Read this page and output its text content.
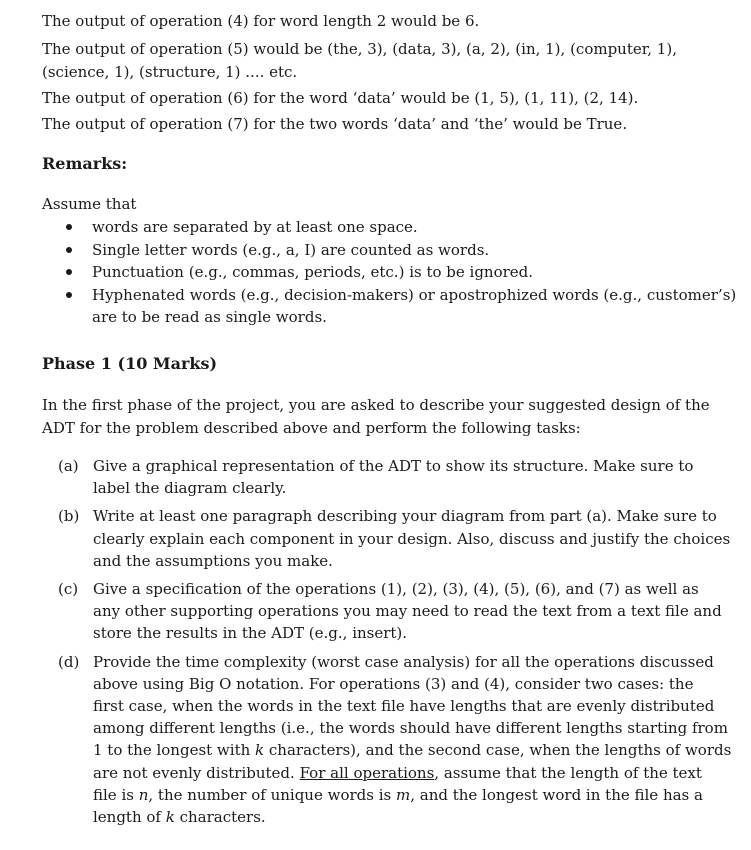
The output of operation (4) for word length 2 would be 6.
The output of operation (5) would be (the, 3), (data, 3), (a, 2), (in, 1), (computer, 1),
(science, 1), (structure, 1) .... etc.
The output of operation (6) for the word ‘data’ would be (1, 5), (1, 11), (2, 14).
The output of operation (7) for the two words ‘data’ and ‘the’ would be True.
Remarks:
Assume that
words are separated by at least one space.
Single letter words (e.g., a, I) are counted as words.
Punctuation (e.g., commas, periods, etc.) is to be ignored.
Hyphenated words (e.g., decision-makers) or apostrophized words (e.g., customer’s)
are to be read as single words.
Phase 1 (10 Marks)
In the first phase of the project, you are asked to describe your suggested design of the
ADT for the problem described above and perform the following tasks:
(a) Give a graphical representation of the ADT to show its structure. Make sure to
label the diagram clearly.
(b) Write at least one paragraph describing your diagram from part (a). Make sure to
clearly explain each component in your design. Also, discuss and justify the choices
and the assumptions you make.
(c) Give a specification of the operations (1), (2), (3), (4), (5), (6), and (7) as well as
any other supporting operations you may need to read the text from a text file and
store the results in the ADT (e.g., insert).
(d) Provide the time complexity (worst case analysis) for all the operations discussed
above using Big O notation. For operations (3) and (4), consider two cases: the
first case, when the words in the text file have lengths that are evenly distributed
among different lengths (i.e., the words should have different lengths starting from
1 to the longest with k characters), and the second case, when the lengths of words
are not evenly distributed. For all operations, assume that the length of the text
file is n, the number of unique words is m, and the longest word in the file has a
length of k characters.
